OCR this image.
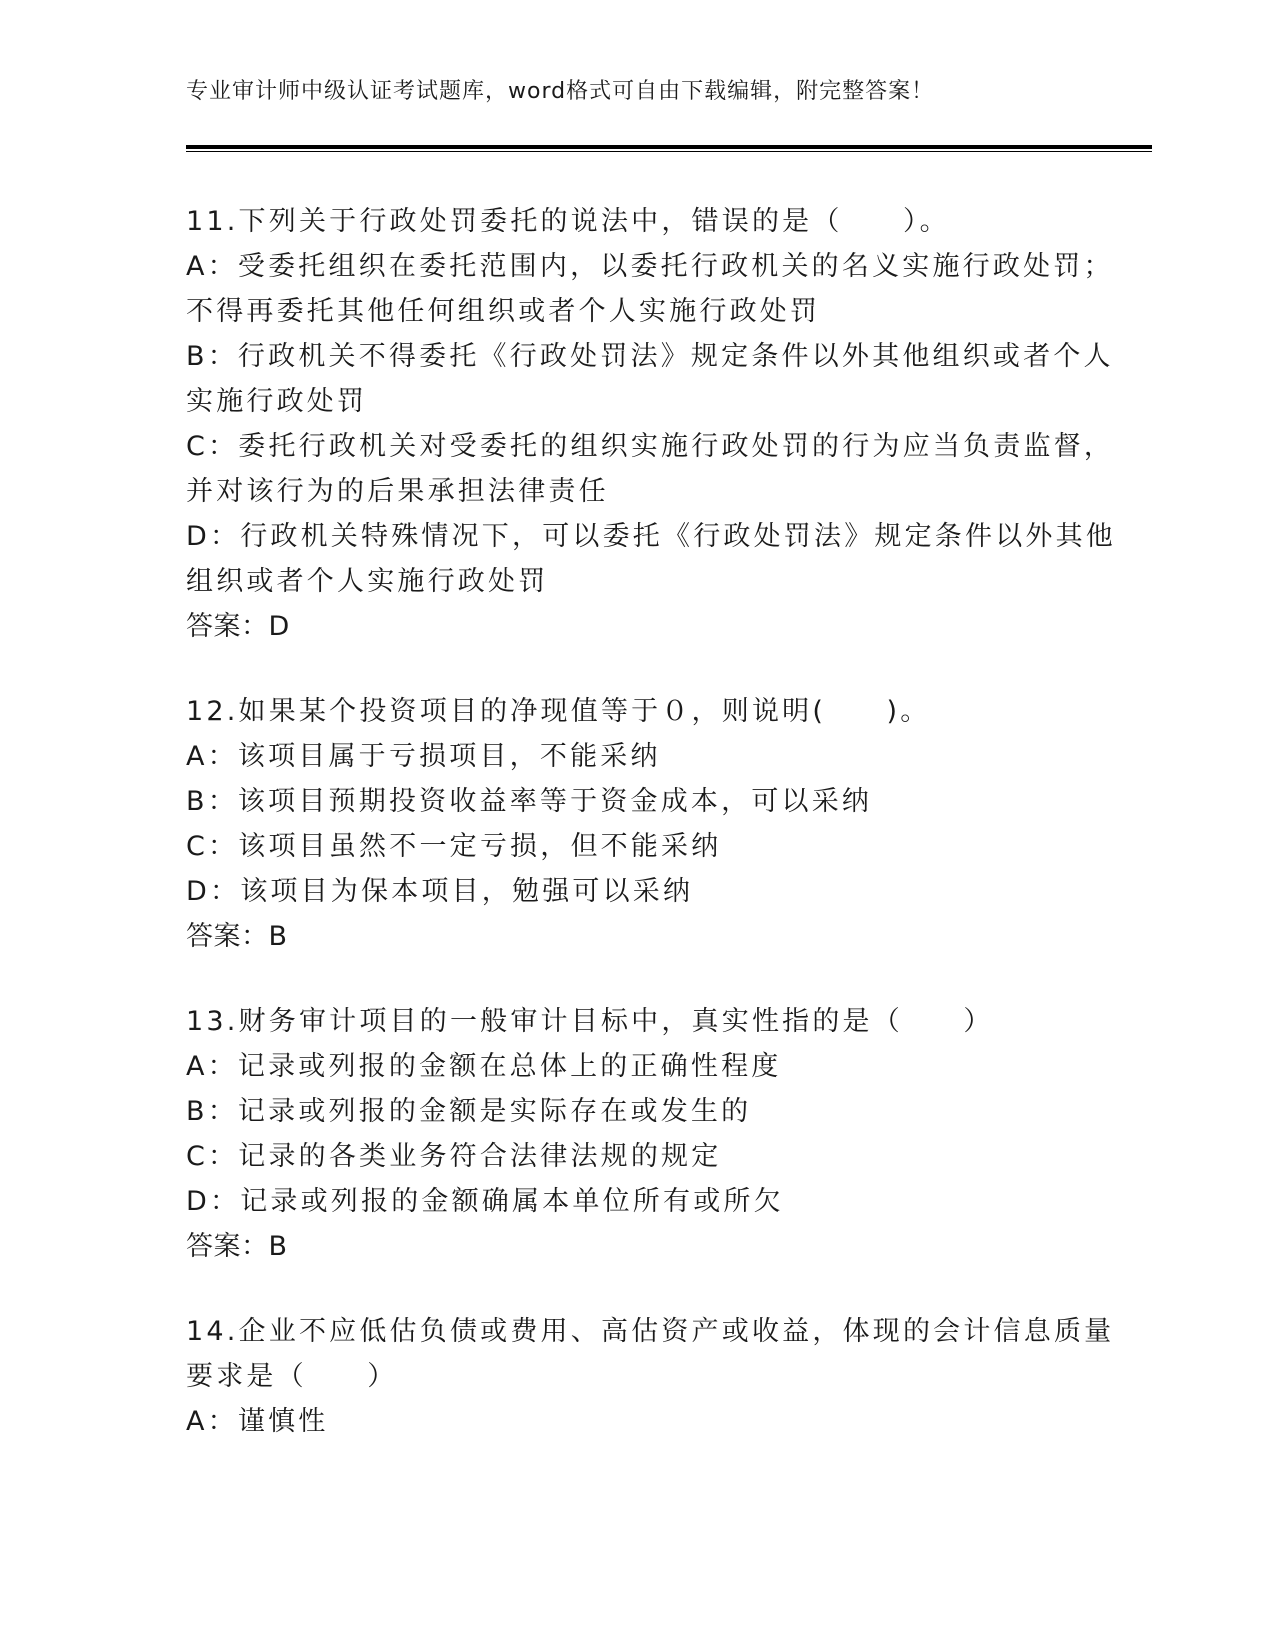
专业审计师中级认证考试题库，word格式可自由下载编辑，附完整答案！
11.下列关于行政处罚委托的说法中，错误的是（　　）。
A：受委托组织在委托范围内，以委托行政机关的名义实施行政处罚；
不得再委托其他任何组织或者个人实施行政处罚
B：行政机关不得委托《行政处罚法》规定条件以外其他组织或者个人
实施行政处罚
C：委托行政机关对受委托的组织实施行政处罚的行为应当负责监督，
并对该行为的后果承担法律责任
D：行政机关特殊情况下，可以委托《行政处罚法》规定条件以外其他
组织或者个人实施行政处罚
答案：D
12.如果某个投资项目的净现值等于０，则说明(　　)。
A：该项目属于亏损项目，不能采纳
B：该项目预期投资收益率等于资金成本，可以采纳
C：该项目虽然不一定亏损，但不能采纳
D：该项目为保本项目，勉强可以采纳
答案：B
13.财务审计项目的一般审计目标中，真实性指的是（　　）
A：记录或列报的金额在总体上的正确性程度
B：记录或列报的金额是实际存在或发生的
C：记录的各类业务符合法律法规的规定
D：记录或列报的金额确属本单位所有或所欠
答案：B
14.企业不应低估负债或费用、高估资产或收益，体现的会计信息质量
要求是（　　）
A：谨慎性
